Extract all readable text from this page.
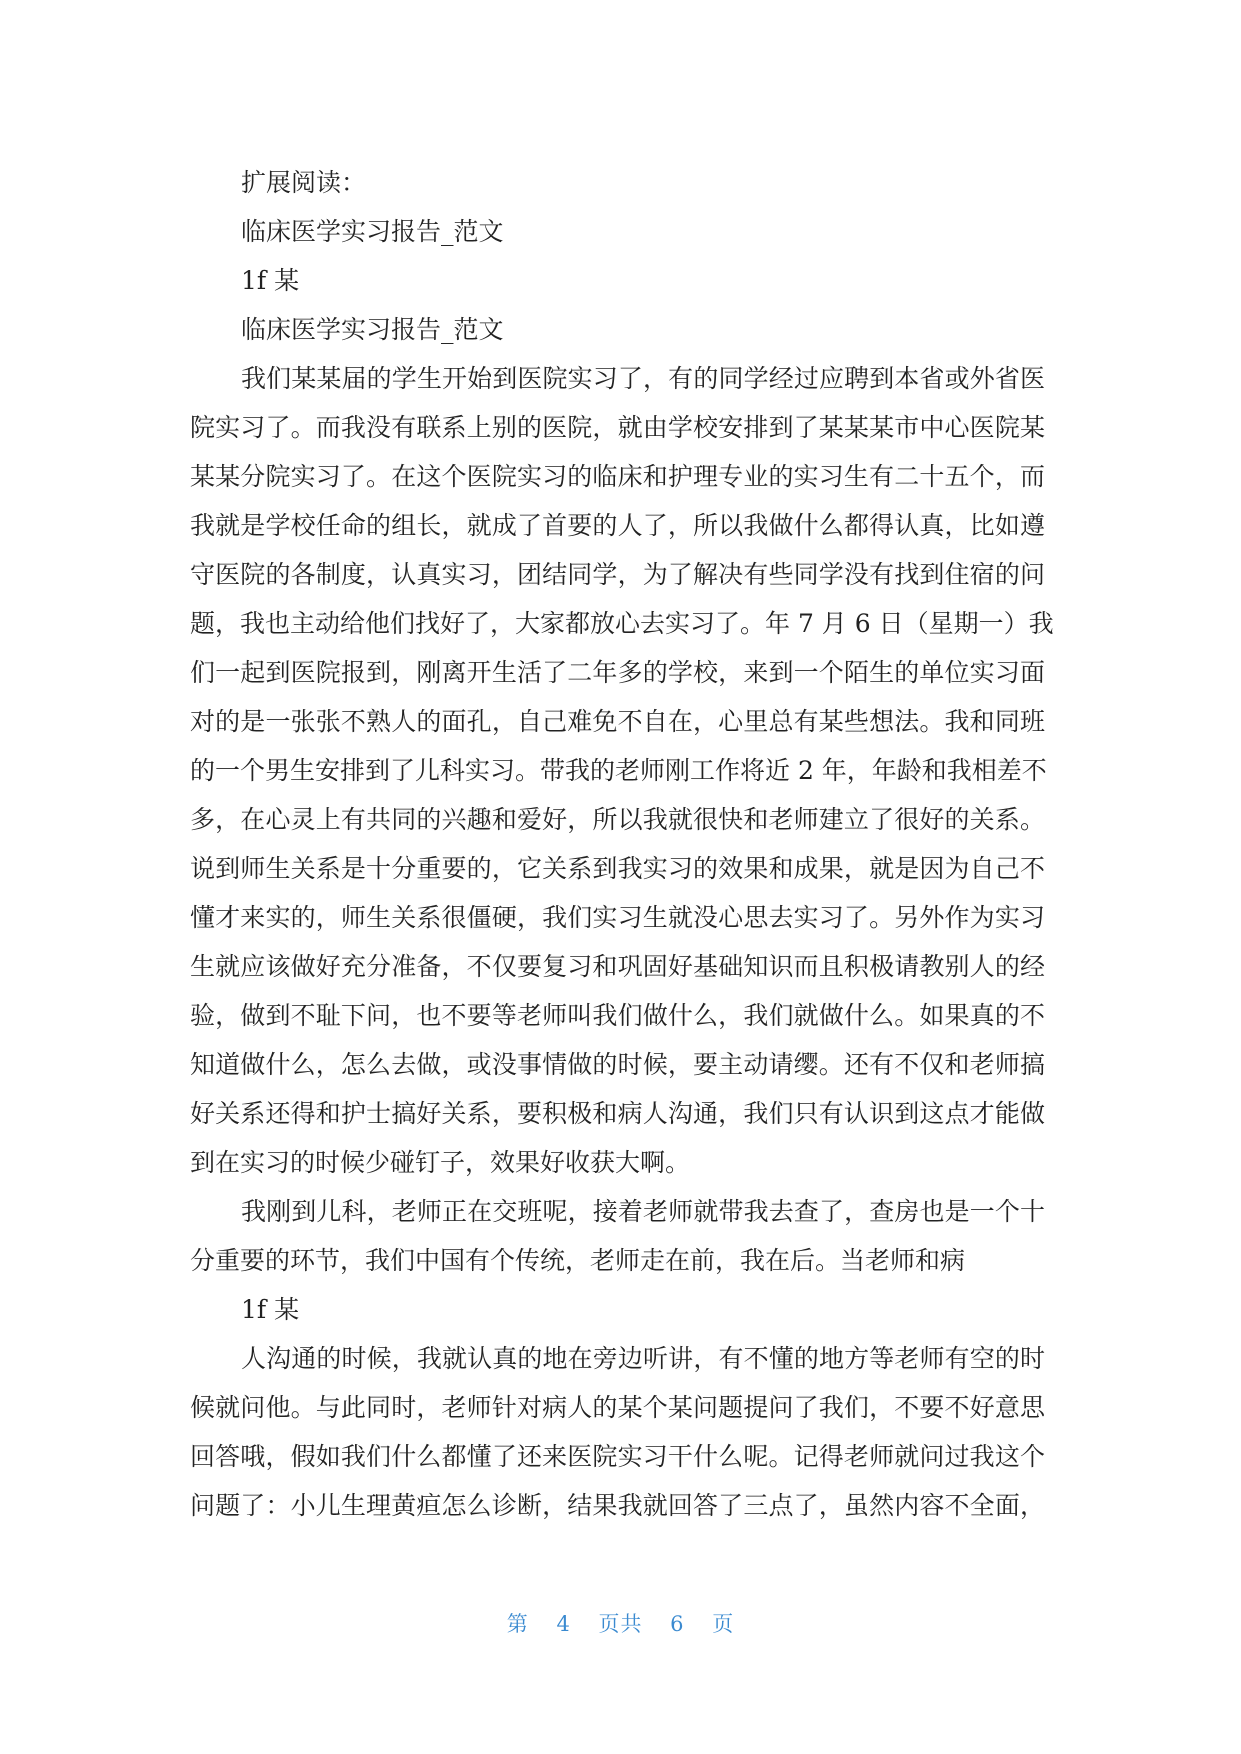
扩展阅读：
临床医学实习报告_范文
1f 某
临床医学实习报告_范文
我们某某届的学生开始到医院实习了，有的同学经过应聘到本省或外省医
院实习了。而我没有联系上别的医院，就由学校安排到了某某某市中心医院某
某某分院实习了。在这个医院实习的临床和护理专业的实习生有二十五个，而
我就是学校任命的组长，就成了首要的人了，所以我做什么都得认真，比如遵
守医院的各制度，认真实习，团结同学，为了解决有些同学没有找到住宿的问
题，我也主动给他们找好了，大家都放心去实习了。年 7 月 6 日（星期一）我
们一起到医院报到，刚离开生活了二年多的学校，来到一个陌生的单位实习面
对的是一张张不熟人的面孔，自己难免不自在，心里总有某些想法。我和同班
的一个男生安排到了儿科实习。带我的老师刚工作将近 2 年，年龄和我相差不
多，在心灵上有共同的兴趣和爱好，所以我就很快和老师建立了很好的关系。
说到师生关系是十分重要的，它关系到我实习的效果和成果，就是因为自己不
懂才来实的，师生关系很僵硬，我们实习生就没心思去实习了。另外作为实习
生就应该做好充分准备，不仅要复习和巩固好基础知识而且积极请教别人的经
验，做到不耻下问，也不要等老师叫我们做什么，我们就做什么。如果真的不
知道做什么，怎么去做，或没事情做的时候，要主动请缨。还有不仅和老师搞
好关系还得和护士搞好关系，要积极和病人沟通，我们只有认识到这点才能做
到在实习的时候少碰钉子，效果好收获大啊。
我刚到儿科，老师正在交班呢，接着老师就带我去查了，查房也是一个十
分重要的环节，我们中国有个传统，老师走在前，我在后。当老师和病
1f 某
人沟通的时候，我就认真的地在旁边听讲，有不懂的地方等老师有空的时
候就问他。与此同时，老师针对病人的某个某问题提问了我们，不要不好意思
回答哦，假如我们什么都懂了还来医院实习干什么呢。记得老师就问过我这个
问题了：小儿生理黄疸怎么诊断，结果我就回答了三点了，虽然内容不全面，
第 4 页共 6 页
